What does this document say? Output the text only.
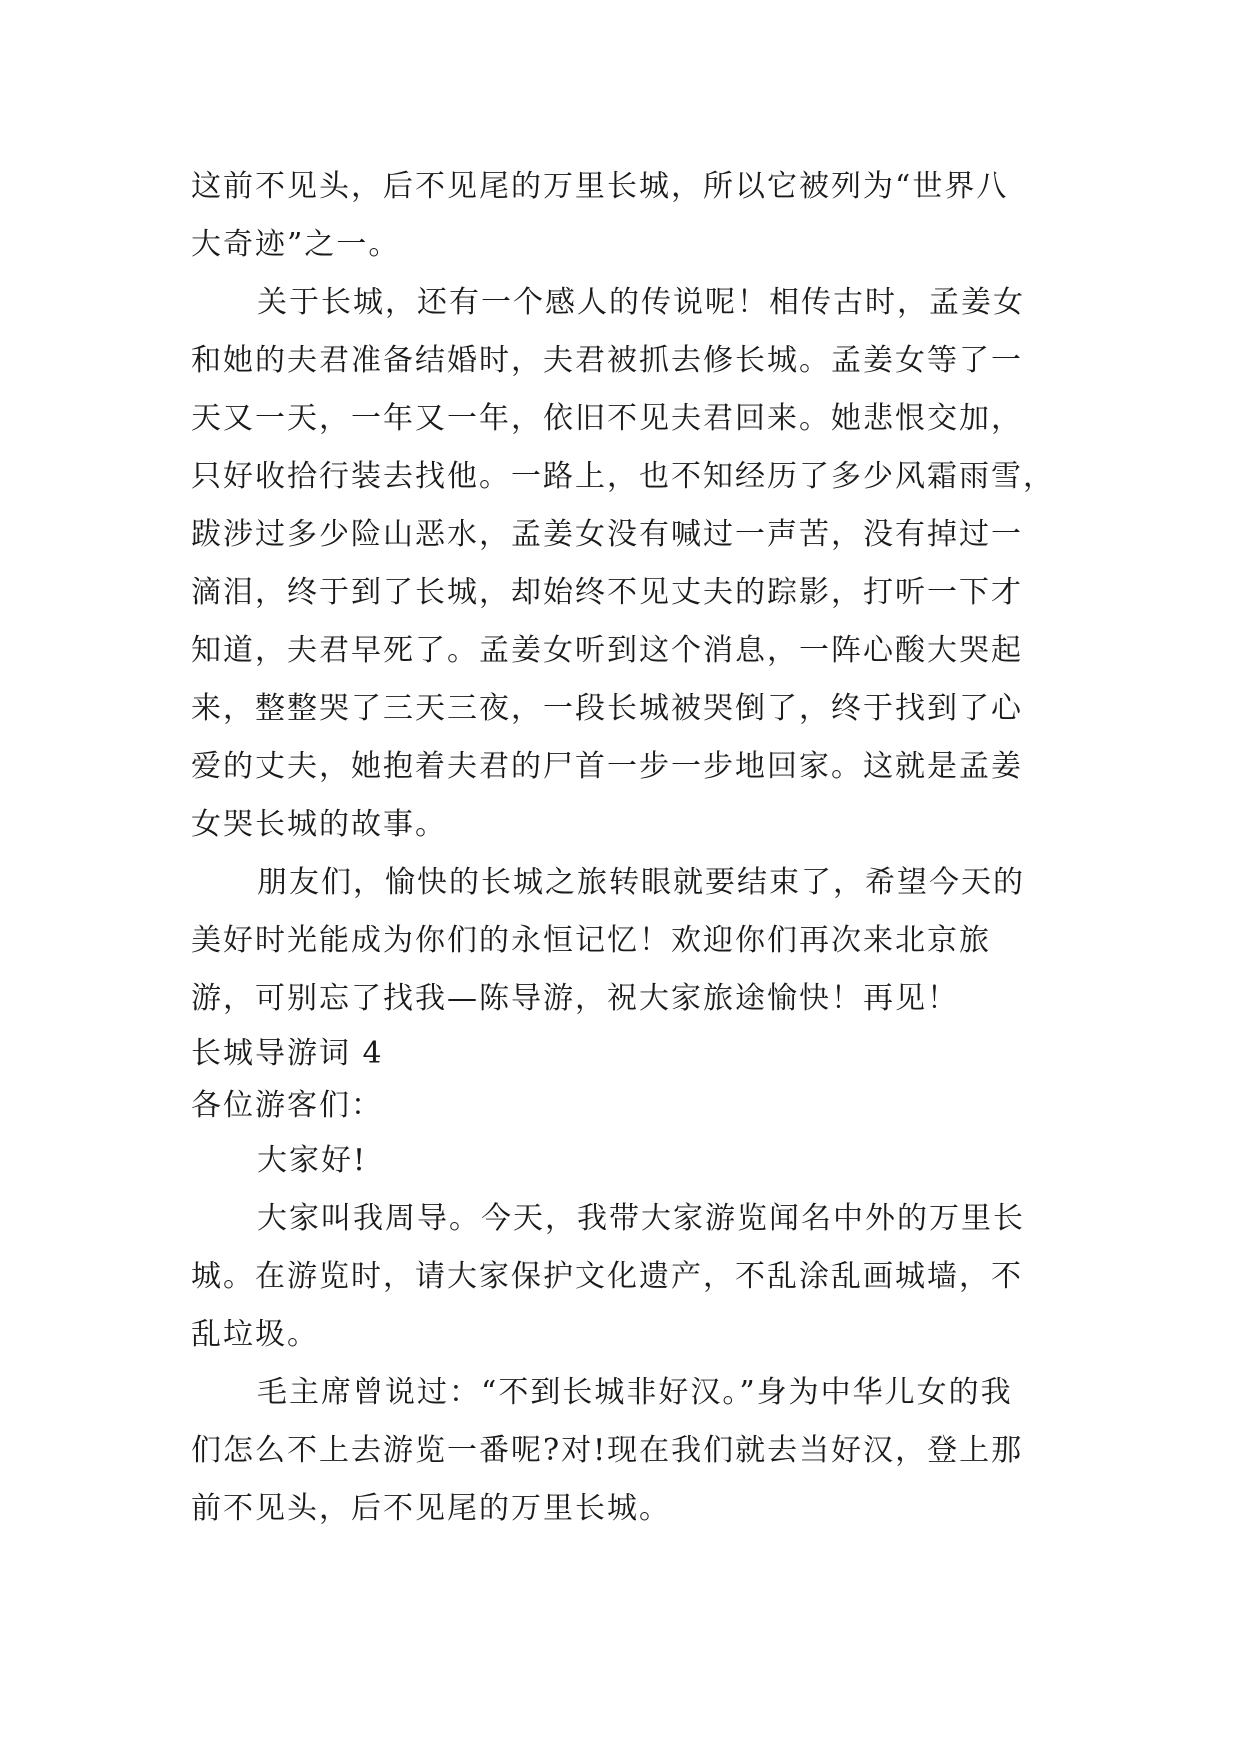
这前不见头，后不见尾的万里长城，所以它被列为“世界八
大奇迹”之一。
关于长城，还有一个感人的传说呢！相传古时，孟姜女
和她的夫君准备结婚时，夫君被抓去修长城。孟姜女等了一
天又一天，一年又一年，依旧不见夫君回来。她悲恨交加，
只好收拾行装去找他。一路上，也不知经历了多少风霜雨雪，
跋涉过多少险山恶水，孟姜女没有喊过一声苦，没有掉过一
滴泪，终于到了长城，却始终不见丈夫的踪影，打听一下才
知道，夫君早死了。孟姜女听到这个消息，一阵心酸大哭起
来，整整哭了三天三夜，一段长城被哭倒了，终于找到了心
爱的丈夫，她抱着夫君的尸首一步一步地回家。这就是孟姜
女哭长城的故事。
朋友们，愉快的长城之旅转眼就要结束了，希望今天的
美好时光能成为你们的永恒记忆！欢迎你们再次来北京旅
游，可别忘了找我—陈导游，祝大家旅途愉快！再见！
长城导游词 4
各位游客们：
大家好!
大家叫我周导。今天，我带大家游览闻名中外的万里长
城。在游览时，请大家保护文化遗产，不乱涂乱画城墙，不
乱垃圾。
毛主席曾说过：“不到长城非好汉。”身为中华儿女的我
们怎么不上去游览一番呢?对!现在我们就去当好汉，登上那
前不见头，后不见尾的万里长城。
